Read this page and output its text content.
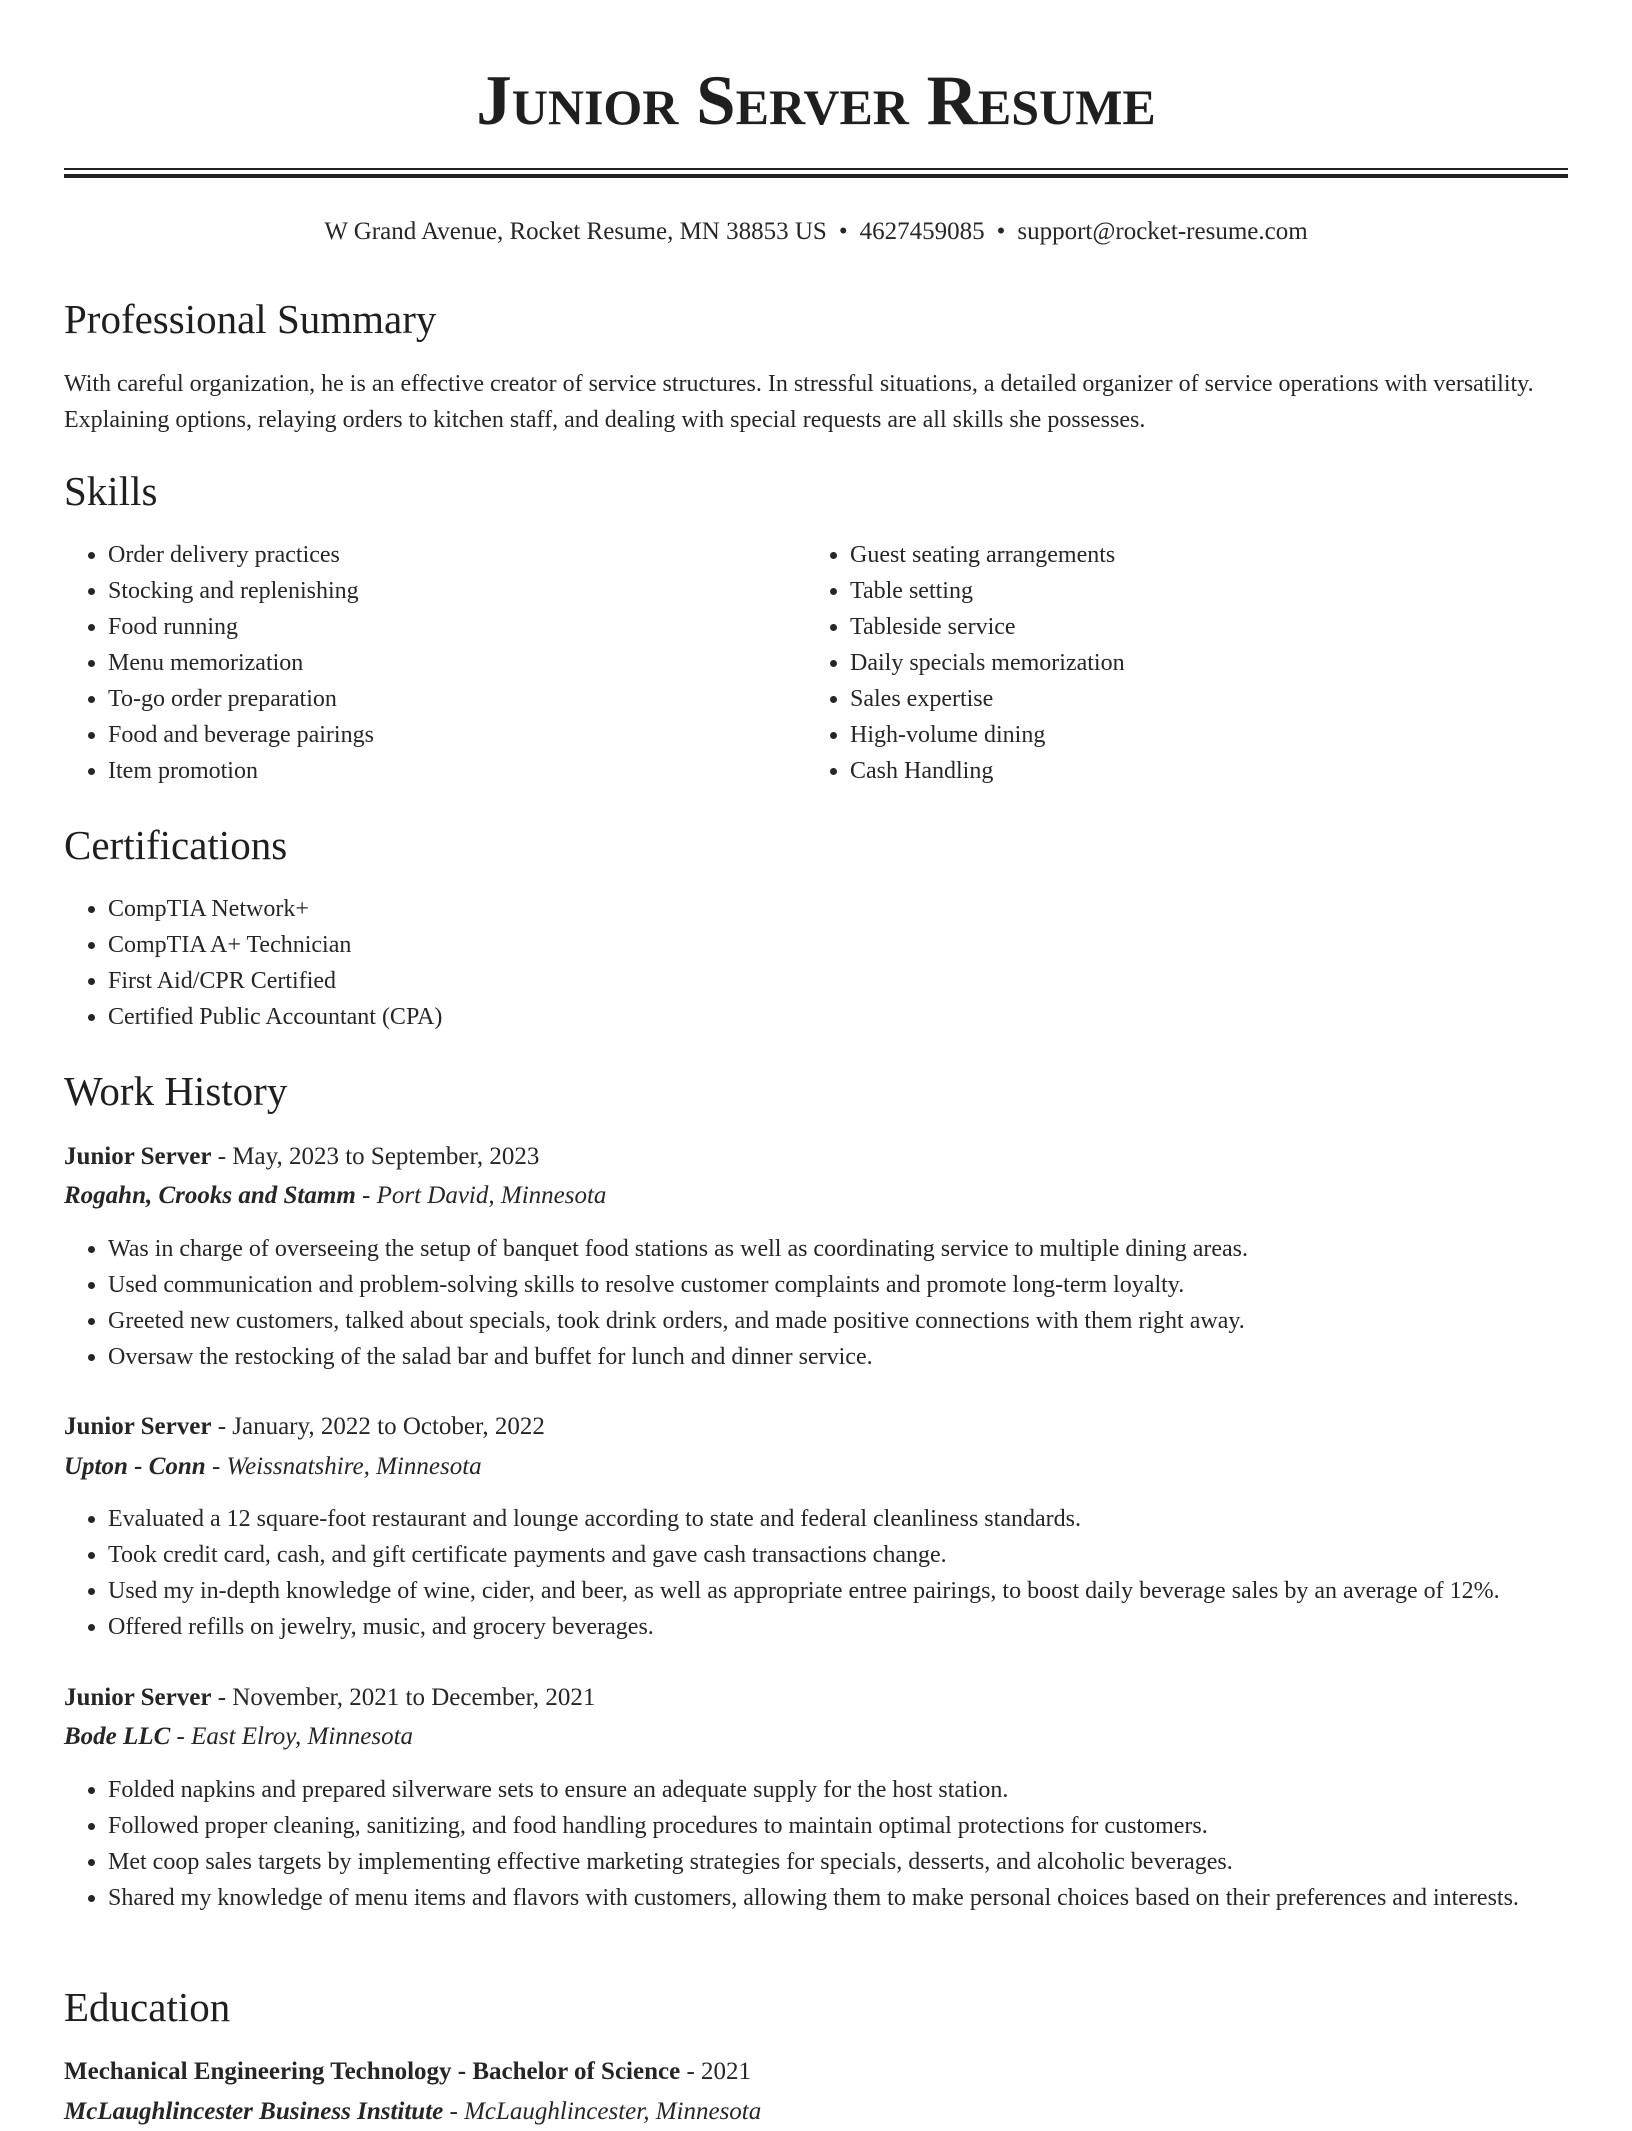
Junior Server Resume
W Grand Avenue, Rocket Resume, MN 38853 US • 4627459085 • support@rocket-resume.com
Professional Summary

With careful organization, he is an effective creator of service structures. In stressful situations, a detailed organizer of service operations with versatility. Explaining options, relaying orders to kitchen staff, and dealing with special requests are all skills she possesses.

Skills
• Order delivery practices
• Stocking and replenishing
• Food running
• Menu memorization
• To-go order preparation
• Food and beverage pairings
• Item promotion
• Guest seating arrangements
• Table setting
• Tableside service
• Daily specials memorization
• Sales expertise
• High-volume dining
• Cash Handling
Certifications
• CompTIA Network+
• CompTIA A+ Technician
• First Aid/CPR Certified
• Certified Public Accountant (CPA)
Work History
Junior Server - May, 2023 to September, 2023
Rogahn, Crooks and Stamm - Port David, Minnesota
• Was in charge of overseeing the setup of banquet food stations as well as coordinating service to multiple dining areas.
• Used communication and problem-solving skills to resolve customer complaints and promote long-term loyalty.
• Greeted new customers, talked about specials, took drink orders, and made positive connections with them right away.
• Oversaw the restocking of the salad bar and buffet for lunch and dinner service.
Junior Server - January, 2022 to October, 2022
Upton - Conn - Weissnatshire, Minnesota
• Evaluated a 12 square-foot restaurant and lounge according to state and federal cleanliness standards.
• Took credit card, cash, and gift certificate payments and gave cash transactions change.
• Used my in-depth knowledge of wine, cider, and beer, as well as appropriate entree pairings, to boost daily beverage sales by an average of 12%.
• Offered refills on jewelry, music, and grocery beverages.
Junior Server - November, 2021 to December, 2021
Bode LLC - East Elroy, Minnesota
• Folded napkins and prepared silverware sets to ensure an adequate supply for the host station.
• Followed proper cleaning, sanitizing, and food handling procedures to maintain optimal protections for customers.
• Met coop sales targets by implementing effective marketing strategies for specials, desserts, and alcoholic beverages.
• Shared my knowledge of menu items and flavors with customers, allowing them to make personal choices based on their preferences and interests.
Education
Mechanical Engineering Technology - Bachelor of Science - 2021
McLaughlincester Business Institute - McLaughlincester, Minnesota
